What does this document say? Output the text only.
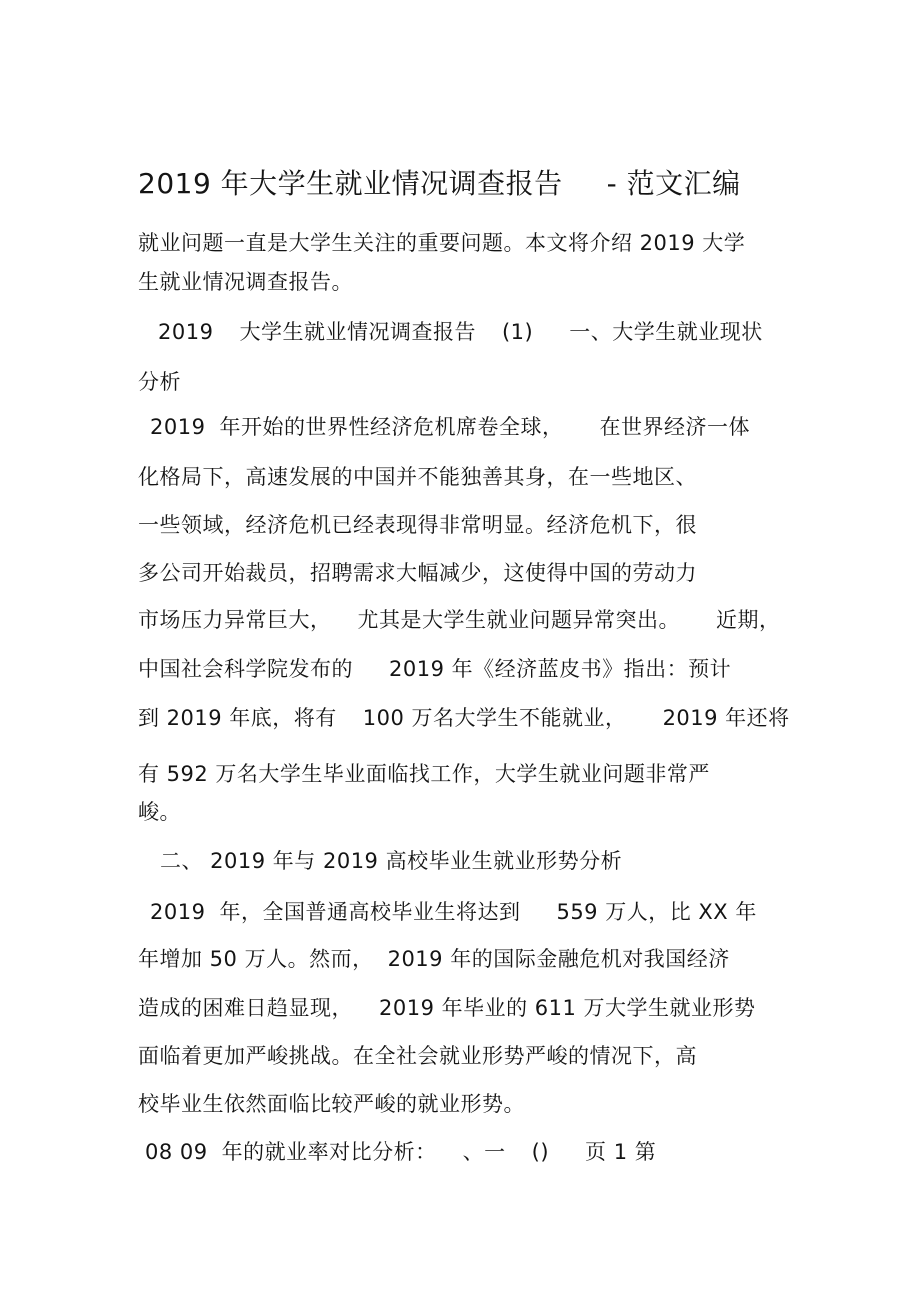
2019 年大学生就业情况调查报告 - 范文汇编
就业问题一直是大学生关注的重要问题。本文将介绍 2019 大学
生就业情况调查报告。
2019 大学生就业情况调查报告 (1) 一、大学生就业现状
分析
2019 年开始的世界性经济危机席卷全球， 在世界经济一体
化格局下，高速发展的中国并不能独善其身，在一些地区、
一些领域，经济危机已经表现得非常明显。经济危机下，很
多公司开始裁员，招聘需求大幅减少，这使得中国的劳动力
市场压力异常巨大， 尤其是大学生就业问题异常突出。 近期，
中国社会科学院发布的 2019 年《经济蓝皮书》指出：预计
到 2019 年底，将有 100 万名大学生不能就业， 2019 年还将
有 592 万名大学生毕业面临找工作，大学生就业问题非常严
峻。
二、 2019 年与 2019 高校毕业生就业形势分析
2019 年，全国普通高校毕业生将达到 559 万人，比 XX 年
年增加 50 万人。然而， 2019 年的国际金融危机对我国经济
造成的困难日趋显现， 2019 年毕业的 611 万大学生就业形势
面临着更加严峻挑战。在全社会就业形势严峻的情况下，高
校毕业生依然面临比较严峻的就业形势。
08 09 年的就业率对比分析： 、一 () 页 1 第
